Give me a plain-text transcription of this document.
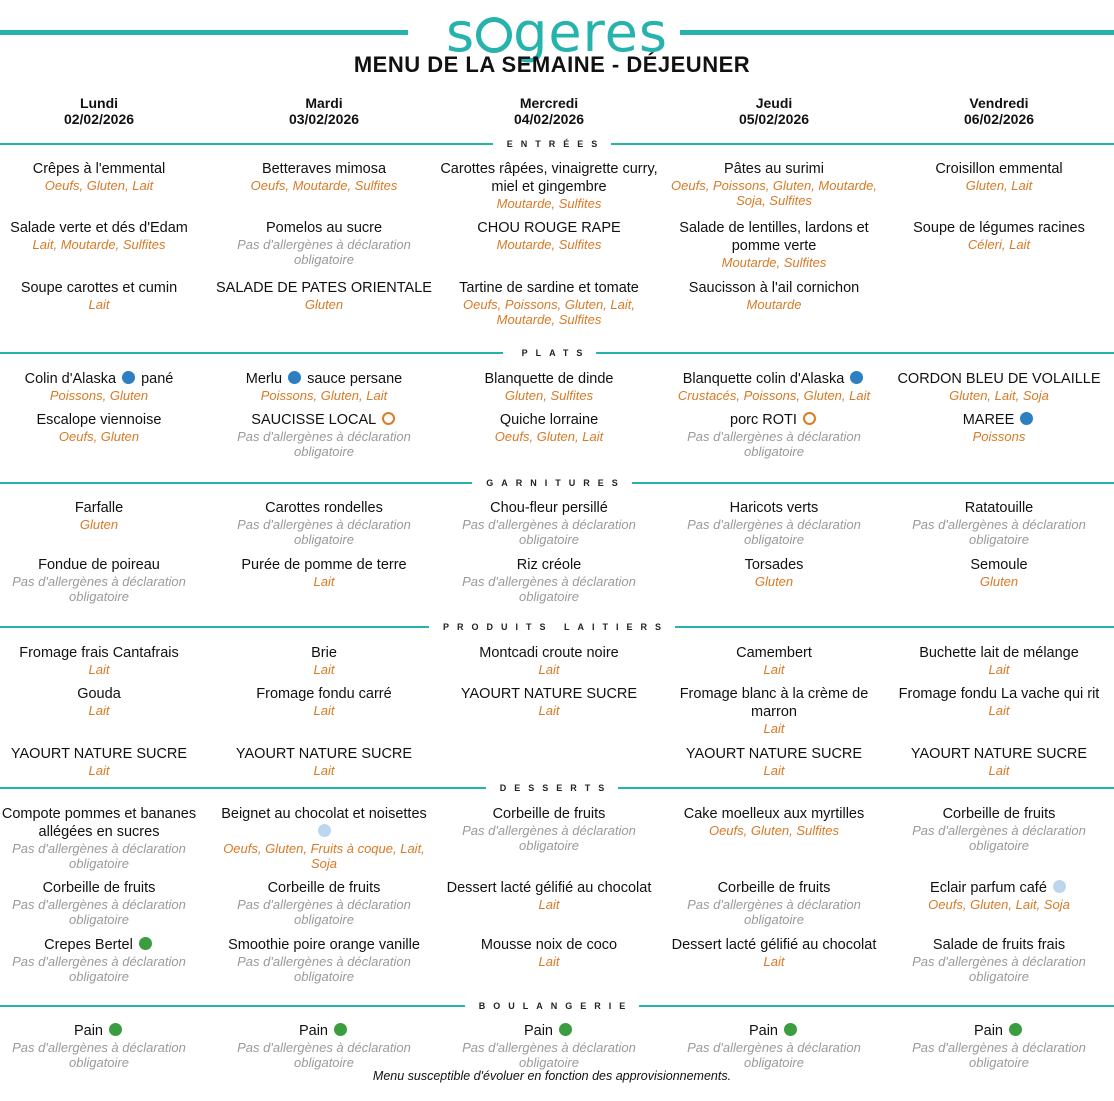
s geres
MENU DE LA SEMAINE - DÉJEUNER
Lundi
02/02/2026
Mardi
03/02/2026
Mercredi
04/02/2026
Jeudi
05/02/2026
Vendredi
06/02/2026
ENTRÉES
Crêpes à l'emmental
Oeufs, Gluten, Lait
Salade verte et dés d'Edam
Lait, Moutarde, Sulfites
Soupe carottes et cumin
Lait
Betteraves mimosa
Oeufs, Moutarde, Sulfites
Pomelos au sucre
Pas d'allergènes à déclaration obligatoire
SALADE DE PATES ORIENTALE
Gluten
Carottes râpées, vinaigrette curry, miel et gingembre
Moutarde, Sulfites
CHOU ROUGE RAPE
Moutarde, Sulfites
Tartine de sardine et tomate
Oeufs, Poissons, Gluten, Lait, Moutarde, Sulfites
Pâtes au surimi
Oeufs, Poissons, Gluten, Moutarde, Soja, Sulfites
Salade de lentilles, lardons et pomme verte
Moutarde, Sulfites
Saucisson à l'ail cornichon
Moutarde
Croisillon emmental
Gluten, Lait
Soupe de légumes racines
Céleri, Lait
PLATS
Colin d'Alaska pané
Poissons, Gluten
Escalope viennoise
Oeufs, Gluten
Merlu sauce persane
Poissons, Gluten, Lait
SAUCISSE LOCAL
Pas d'allergènes à déclaration obligatoire
Blanquette de dinde
Gluten, Sulfites
Quiche lorraine
Oeufs, Gluten, Lait
Blanquette colin d'Alaska
Crustacés, Poissons, Gluten, Lait
porc ROTI
Pas d'allergènes à déclaration obligatoire
CORDON BLEU DE VOLAILLE
Gluten, Lait, Soja
MAREE
Poissons
GARNITURES
Farfalle
Gluten
Fondue de poireau
Pas d'allergènes à déclaration obligatoire
Carottes rondelles
Pas d'allergènes à déclaration obligatoire
Purée de pomme de terre
Lait
Chou-fleur persillé
Pas d'allergènes à déclaration obligatoire
Riz créole
Pas d'allergènes à déclaration obligatoire
Haricots verts
Pas d'allergènes à déclaration obligatoire
Torsades
Gluten
Ratatouille
Pas d'allergènes à déclaration obligatoire
Semoule
Gluten
PRODUITS LAITIERS
Fromage frais Cantafrais
Lait
Gouda
Lait
YAOURT NATURE SUCRE
Lait
Brie
Lait
Fromage fondu carré
Lait
YAOURT NATURE SUCRE
Lait
Montcadi croute noire
Lait
YAOURT NATURE SUCRE
Lait
Camembert
Lait
Fromage blanc à la crème de marron
Lait
YAOURT NATURE SUCRE
Lait
Buchette lait de mélange
Lait
Fromage fondu La vache qui rit
Lait
YAOURT NATURE SUCRE
Lait
DESSERTS
Compote pommes et bananes allégées en sucres
Pas d'allergènes à déclaration obligatoire
Corbeille de fruits
Pas d'allergènes à déclaration obligatoire
Crepes Bertel
Pas d'allergènes à déclaration obligatoire
Beignet au chocolat et noisettes
Oeufs, Gluten, Fruits à coque, Lait, Soja
Corbeille de fruits
Pas d'allergènes à déclaration obligatoire
Smoothie poire orange vanille
Pas d'allergènes à déclaration obligatoire
Corbeille de fruits
Pas d'allergènes à déclaration obligatoire
Dessert lacté gélifié au chocolat
Lait
Mousse noix de coco
Lait
Cake moelleux aux myrtilles
Oeufs, Gluten, Sulfites
Corbeille de fruits
Pas d'allergènes à déclaration obligatoire
Dessert lacté gélifié au chocolat
Lait
Corbeille de fruits
Pas d'allergènes à déclaration obligatoire
Eclair parfum café
Oeufs, Gluten, Lait, Soja
Salade de fruits frais
Pas d'allergènes à déclaration obligatoire
BOULANGERIE
Pain
Pas d'allergènes à déclaration obligatoire
Pain
Pas d'allergènes à déclaration obligatoire
Pain
Pas d'allergènes à déclaration obligatoire
Pain
Pas d'allergènes à déclaration obligatoire
Pain
Pas d'allergènes à déclaration obligatoire
Menu susceptible d'évoluer en fonction des approvisionnements.
